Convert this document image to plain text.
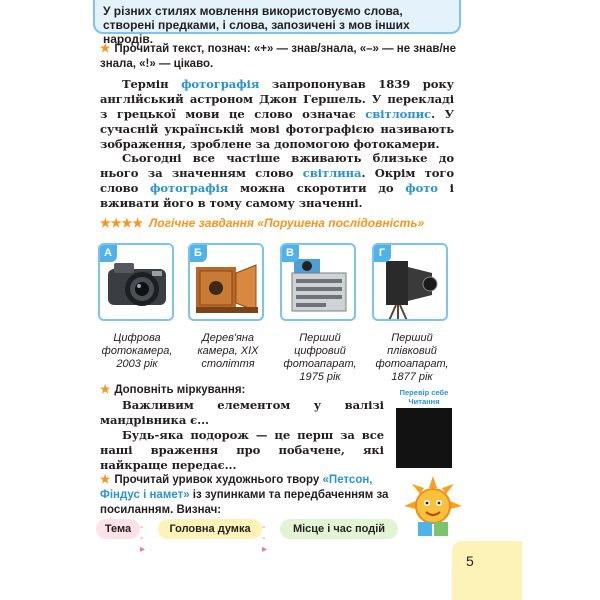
У різних стилях мовлення використовуємо слова, створені предками, і слова, запозичені з мов інших народів.
★ Прочитай текст, познач: «+» — знав/знала, «–» — не знав/не знала, «!» — цікаво.
Термін фотографія запропонував 1839 року англійський астроном Джон Гершель. У перекладі з грецької мови це слово означає світлопис. У сучасній українській мові фотографією називають зображення, зроблене за допомогою фотокамери.
Сьогодні все частіше вживають близьке до нього за значенням слово світлина. Окрім того слово фотографія можна скоротити до фото і вживати його в тому самому значенні.
★★★★ Логічне завдання «Порушена послідовність»
А	Б	В	Г
Цифрова фотокамера, 2003 рік
Дерев'яна камера, XIX століття
Перший цифровий фотоапарат, 1975 рік
Перший плівковий фотоапарат, 1877 рік
★ Доповніть міркування:
Важливим елементом у валізі мандрівника є...
Будь-яка подорож — це перш за все наші враження про побачене, які найкраще передає...
Перевір себе Читання
★ Прочитай уривок художнього твору «Петсон, Фіндус і намет» із зупинками та передбаченням за посиланням. Визнач:
Тема - - ▸
Головна думка	- - ▸
Місце і час подій
5
